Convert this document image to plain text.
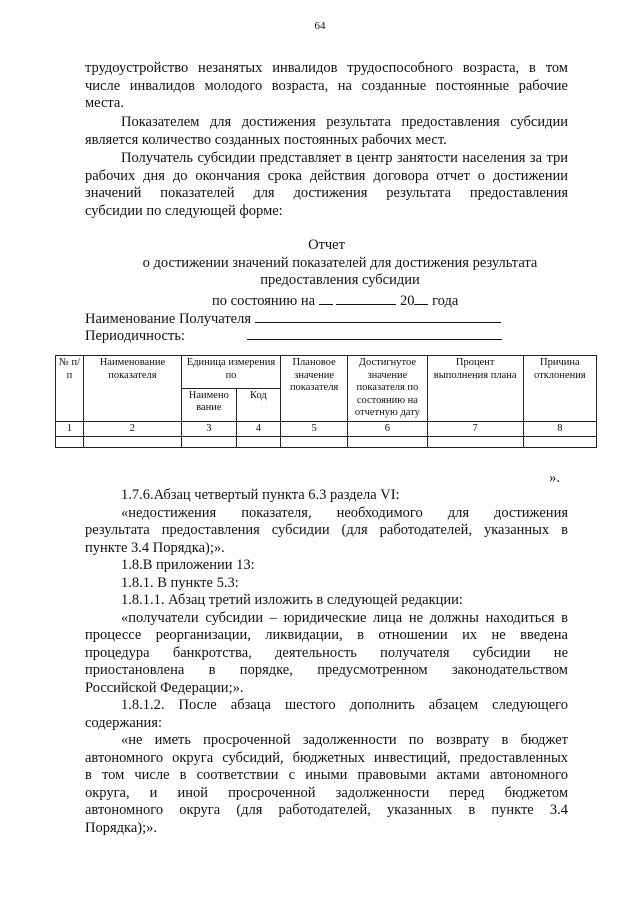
64
трудоустройство незанятых инвалидов трудоспособного возраста, в том
числе инвалидов молодого возраста, на созданные постоянные рабочие
места.
Показателем для достижения результата предоставления субсидии
является количество созданных постоянных рабочих мест.
Получатель субсидии представляет в центр занятости населения за три
рабочих дня до окончания срока действия договора отчет о достижении
значений показателей для достижения результата предоставления
субсидии по следующей форме:
Отчет
о достижении значений показателей для достижения результата
предоставления субсидии
по состоянию на	20 года
Наименование Получателя
Периодичность:
№ п/п	Наименование показателя	Единица измерения по		Плановое значение показателя	Достигнутое значение показателя по состоянию на отчетную дату	Процент выполнения плана	Причина отклонения
		Наимено вание	Код				
1	2	3	4	5	6	7	8

».
1.7.6.Абзац четвертый пункта 6.3 раздела VI:
«недостижения показателя, необходимого для достижения
результата предоставления субсидии (для работодателей, указанных в
пункте 3.4 Порядка);».
1.8.В приложении 13:
1.8.1. В пункте 5.3:
1.8.1.1. Абзац третий изложить в следующей редакции:
«получатели субсидии – юридические лица не должны находиться в
процессе реорганизации, ликвидации, в отношении их не введена
процедура банкротства, деятельность получателя субсидии не
приостановлена в порядке, предусмотренном законодательством
Российской Федерации;».
1.8.1.2. После абзаца шестого дополнить абзацем следующего
содержания:
«не иметь просроченной задолженности по возврату в бюджет
автономного округа субсидий, бюджетных инвестиций, предоставленных
в том числе в соответствии с иными правовыми актами автономного
округа, и иной просроченной задолженности перед бюджетом
автономного округа (для работодателей, указанных в пункте 3.4
Порядка);».
